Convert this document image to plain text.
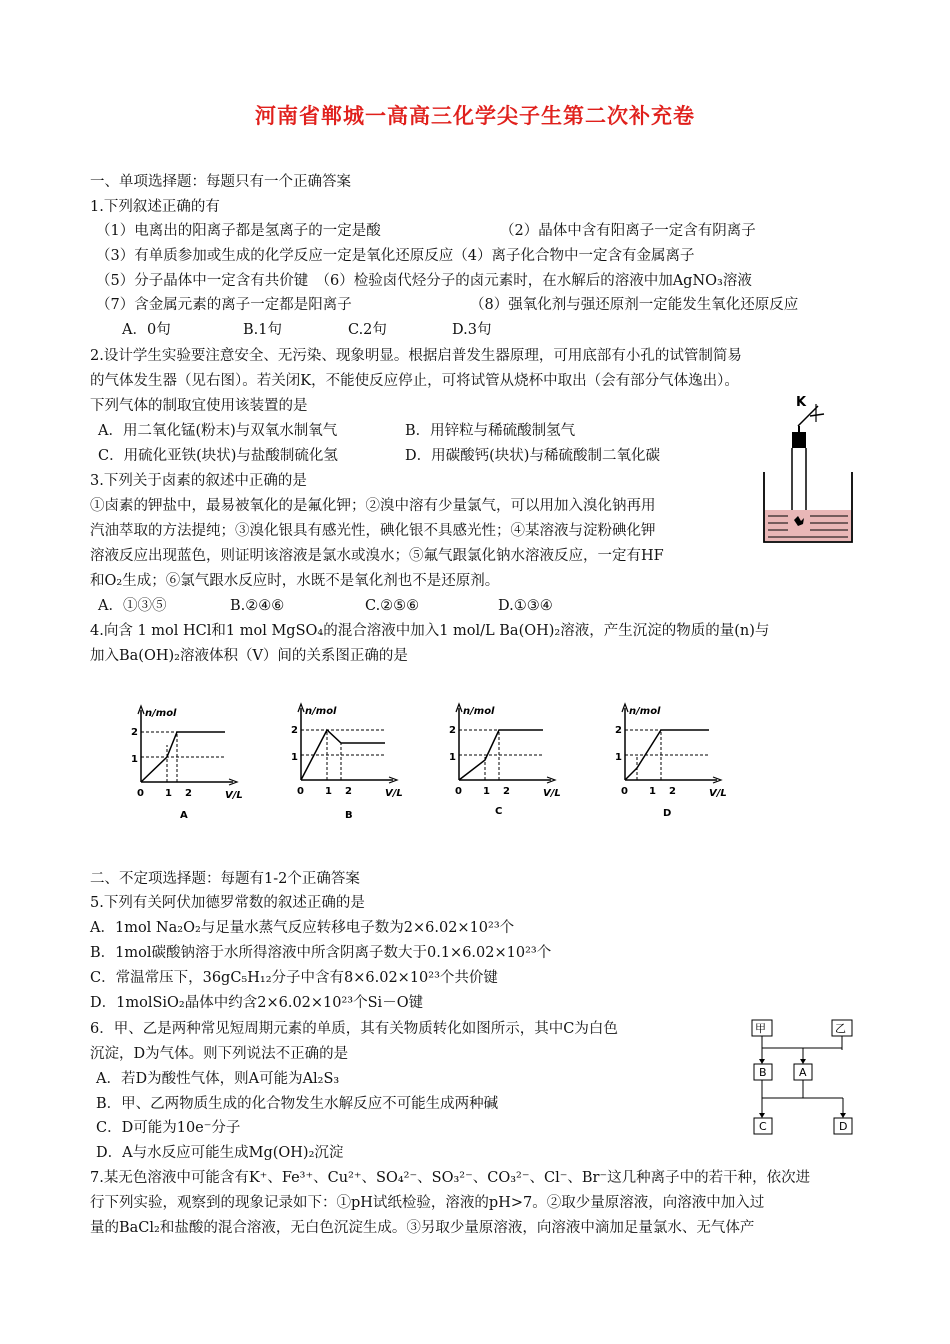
河南省郸城一高高三化学尖子生第二次补充卷
一、单项选择题：每题只有一个正确答案
1.下列叙述正确的有
（1）电离出的阳离子都是氢离子的一定是酸	（2）晶体中含有阳离子一定含有阴离子
（3）有单质参加或生成的化学反应一定是氧化还原反应（4）离子化合物中一定含有金属离子
（5）分子晶体中一定含有共价键　（6）检验卤代烃分子的卤元素时，在水解后的溶液中加AgNO₃溶液
（7）含金属元素的离子一定都是阳离子	（8）强氧化剂与强还原剂一定能发生氧化还原反应
A．0句	B.1句	C.2句	D.3句
2.设计学生实验要注意安全、无污染、现象明显。根据启普发生器原理，可用底部有小孔的试管制简易
的气体发生器（见右图）。若关闭K，不能使反应停止，可将试管从烧杯中取出（会有部分气体逸出）。
下列气体的制取宜使用该装置的是
A．用二氧化锰(粉末)与双氧水制氧气	B．用锌粒与稀硫酸制氢气
C．用硫化亚铁(块状)与盐酸制硫化氢	D．用碳酸钙(块状)与稀硫酸制二氧化碳
K
3.下列关于卤素的叙述中正确的是
①卤素的钾盐中，最易被氧化的是氟化钾；②溴中溶有少量氯气，可以用加入溴化钠再用
汽油萃取的方法提纯；③溴化银具有感光性，碘化银不具感光性；④某溶液与淀粉碘化钾
溶液反应出现蓝色，则证明该溶液是氯水或溴水；⑤氟气跟氯化钠水溶液反应，一定有HF
和O₂生成；⑥氯气跟水反应时，水既不是氧化剂也不是还原剂。
A．①③⑤	B.②④⑥	C.②⑤⑥	D.①③④
4.向含 1 mol HCl和1 mol MgSO₄的混合溶液中加入1 mol/L Ba(OH)₂溶液，产生沉淀的物质的量(n)与
加入Ba(OH)₂溶液体积（V）间的关系图正确的是
n/mol
2
1
0 1 2	V/L
A
n/mol
2
1
0 1 2	V/L
B
n/mol
2
1
0 1 2	V/L
C
n/mol
2
1
0 1 2	V/L
D
二、不定项选择题：每题有1-2个正确答案
5.下列有关阿伏加德罗常数的叙述正确的是
A．1mol Na₂O₂与足量水蒸气反应转移电子数为2×6.02×10²³个
B．1mol碳酸钠溶于水所得溶液中所含阴离子数大于0.1×6.02×10²³个
C．常温常压下，36gC₅H₁₂分子中含有8×6.02×10²³个共价键
D．1molSiO₂晶体中约含2×6.02×10²³个Si－O键
6．甲、乙是两种常见短周期元素的单质，其有关物质转化如图所示，其中C为白色
沉淀，D为气体。则下列说法不正确的是
A．若D为酸性气体，则A可能为Al₂S₃
B．甲、乙两物质生成的化合物发生水解反应不可能生成两种碱
C．D可能为10e⁻分子
D．A与水反应可能生成Mg(OH)₂沉淀
甲	乙
B	A
C	D
7.某无色溶液中可能含有K⁺、Fe³⁺、Cu²⁺、SO₄²⁻、SO₃²⁻、CO₃²⁻、Cl⁻、Br⁻这几种离子中的若干种，依次进
行下列实验，观察到的现象记录如下：①pH试纸检验，溶液的pH>7。②取少量原溶液，向溶液中加入过
量的BaCl₂和盐酸的混合溶液，无白色沉淀生成。③另取少量原溶液，向溶液中滴加足量氯水、无气体产
